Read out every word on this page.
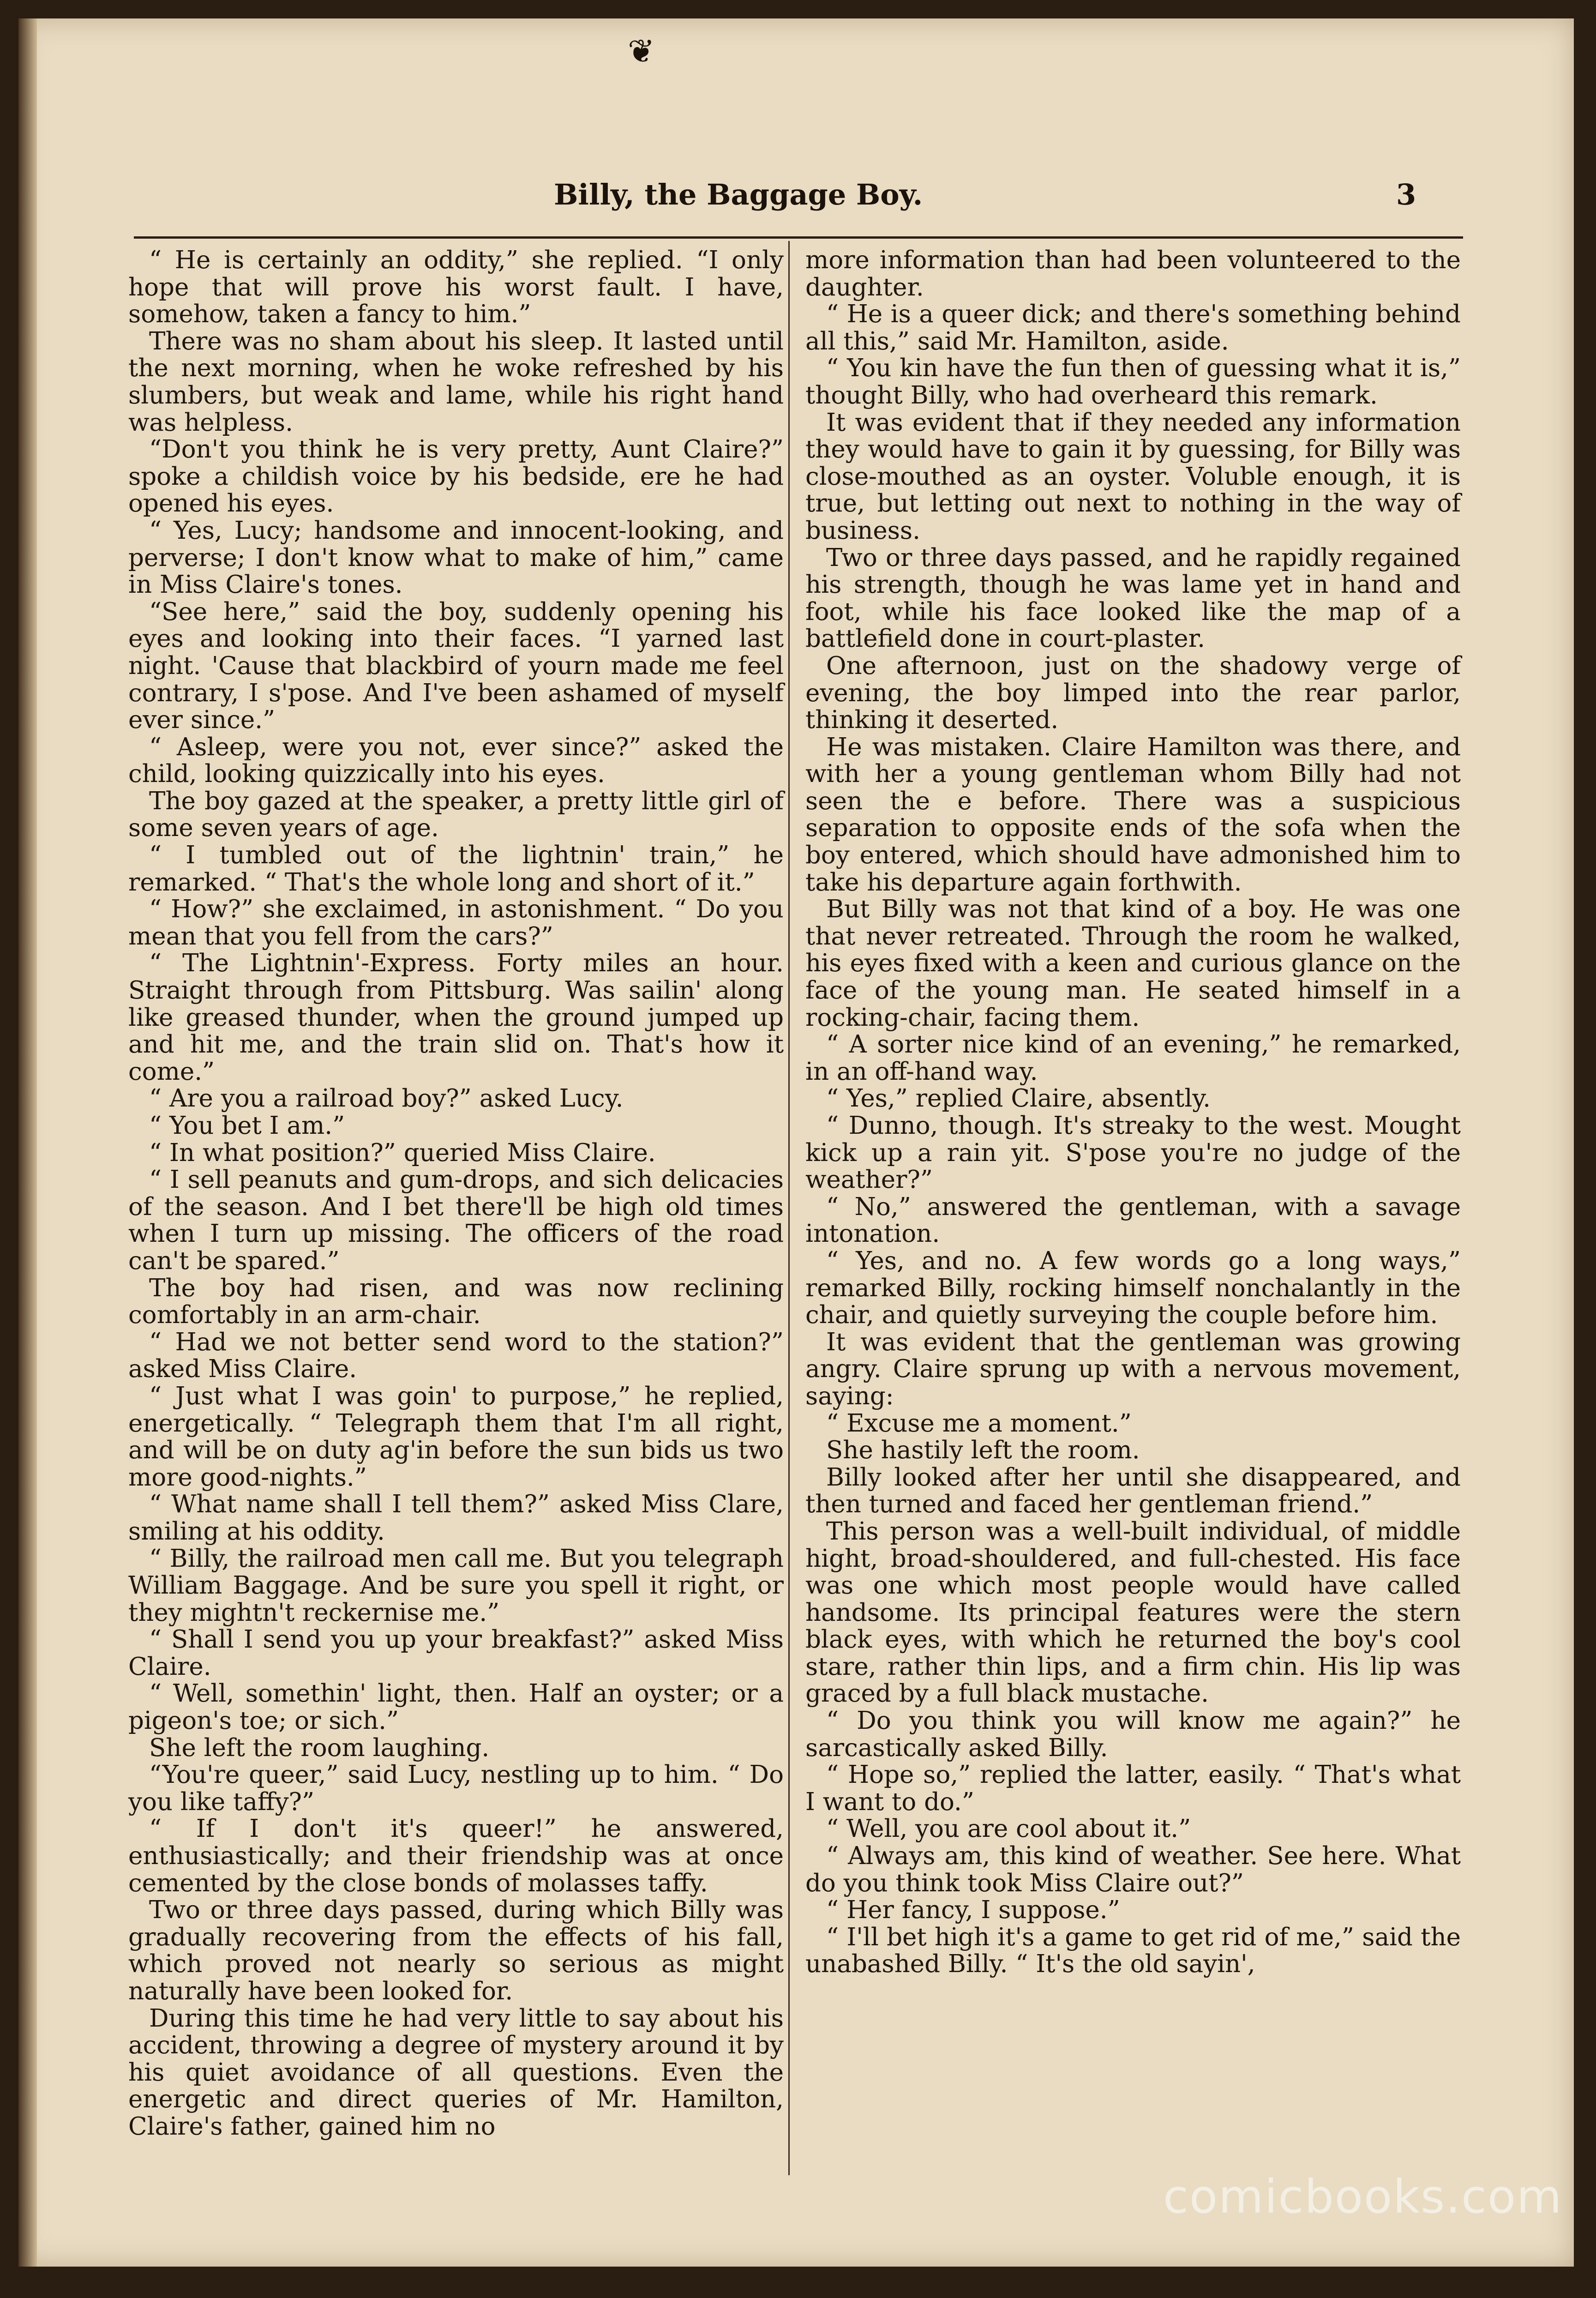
❦
Billy, the Baggage Boy.	3

“ He is certainly an oddity,” she replied. “I only hope that will prove his worst fault. I have, somehow, taken a fancy to him.”

There was no sham about his sleep. It lasted until the next morning, when he woke refreshed by his slumbers, but weak and lame, while his right hand was helpless.

“Don't you think he is very pretty, Aunt Claire?” spoke a childish voice by his bedside, ere he had opened his eyes.

“ Yes, Lucy; handsome and innocent-looking, and perverse; I don't know what to make of him,” came in Miss Claire's tones.

“See here,” said the boy, suddenly opening his eyes and looking into their faces. “I yarned last night. 'Cause that blackbird of yourn made me feel contrary, I s'pose. And I've been ashamed of myself ever since.”

“ Asleep, were you not, ever since?” asked the child, looking quizzically into his eyes.

The boy gazed at the speaker, a pretty little girl of some seven years of age.

“ I tumbled out of the lightnin' train,” he remarked. “ That's the whole long and short of it.”

“ How?” she exclaimed, in astonishment. “ Do you mean that you fell from the cars?”

“ The Lightnin'-Express. Forty miles an hour. Straight through from Pittsburg. Was sailin' along like greased thunder, when the ground jumped up and hit me, and the train slid on. That's how it come.”

“ Are you a railroad boy?” asked Lucy.

“ You bet I am.”

“ In what position?” queried Miss Claire.

“ I sell peanuts and gum-drops, and sich delicacies of the season. And I bet there'll be high old times when I turn up missing. The officers of the road can't be spared.”

The boy had risen, and was now reclining comfortably in an arm-chair.

“ Had we not better send word to the station?” asked Miss Claire.

“ Just what I was goin' to purpose,” he replied, energetically. “ Telegraph them that I'm all right, and will be on duty ag'in before the sun bids us two more good-nights.”

“ What name shall I tell them?” asked Miss Clare, smiling at his oddity.

“ Billy, the railroad men call me. But you telegraph William Baggage. And be sure you spell it right, or they mightn't reckernise me.”

“ Shall I send you up your breakfast?” asked Miss Claire.

“ Well, somethin' light, then. Half an oyster; or a pigeon's toe; or sich.”

She left the room laughing.

“You're queer,” said Lucy, nestling up to him. “ Do you like taffy?”

“ If I don't it's queer!” he answered, enthusiastically; and their friendship was at once cemented by the close bonds of molasses taffy.

Two or three days passed, during which Billy was gradually recovering from the effects of his fall, which proved not nearly so serious as might naturally have been looked for.

During this time he had very little to say about his accident, throwing a degree of mystery around it by his quiet avoidance of all questions. Even the energetic and direct queries of Mr. Hamilton, Claire's father, gained him no

more information than had been volunteered to the daughter.

“ He is a queer dick; and there's something behind all this,” said Mr. Hamilton, aside.

“ You kin have the fun then of guessing what it is,” thought Billy, who had overheard this remark.

It was evident that if they needed any information they would have to gain it by guessing, for Billy was close-mouthed as an oyster. Voluble enough, it is true, but letting out next to nothing in the way of business.

Two or three days passed, and he rapidly regained his strength, though he was lame yet in hand and foot, while his face looked like the map of a battlefield done in court-plaster.

One afternoon, just on the shadowy verge of evening, the boy limped into the rear parlor, thinking it deserted.

He was mistaken. Claire Hamilton was there, and with her a young gentleman whom Billy had not seen the e before. There was a suspicious separation to opposite ends of the sofa when the boy entered, which should have admonished him to take his departure again forthwith.

But Billy was not that kind of a boy. He was one that never retreated. Through the room he walked, his eyes fixed with a keen and curious glance on the face of the young man. He seated himself in a rocking-chair, facing them.

“ A sorter nice kind of an evening,” he remarked, in an off-hand way.

“ Yes,” replied Claire, absently.

“ Dunno, though. It's streaky to the west. Mought kick up a rain yit. S'pose you're no judge of the weather?”

“ No,” answered the gentleman, with a savage intonation.

“ Yes, and no. A few words go a long ways,” remarked Billy, rocking himself nonchalantly in the chair, and quietly surveying the couple before him.

It was evident that the gentleman was growing angry. Claire sprung up with a nervous movement, saying:

“ Excuse me a moment.”

She hastily left the room.

Billy looked after her until she disappeared, and then turned and faced her gentleman friend.”

This person was a well-built individual, of middle hight, broad-shouldered, and full-chested. His face was one which most people would have called handsome. Its principal features were the stern black eyes, with which he returned the boy's cool stare, rather thin lips, and a firm chin. His lip was graced by a full black mustache.

“ Do you think you will know me again?” he sarcastically asked Billy.

“ Hope so,” replied the latter, easily. “ That's what I want to do.”

“ Well, you are cool about it.”

“ Always am, this kind of weather. See here. What do you think took Miss Claire out?”

“ Her fancy, I suppose.”

“ I'll bet high it's a game to get rid of me,” said the unabashed Billy. “ It's the old sayin',

comicbooks.com
